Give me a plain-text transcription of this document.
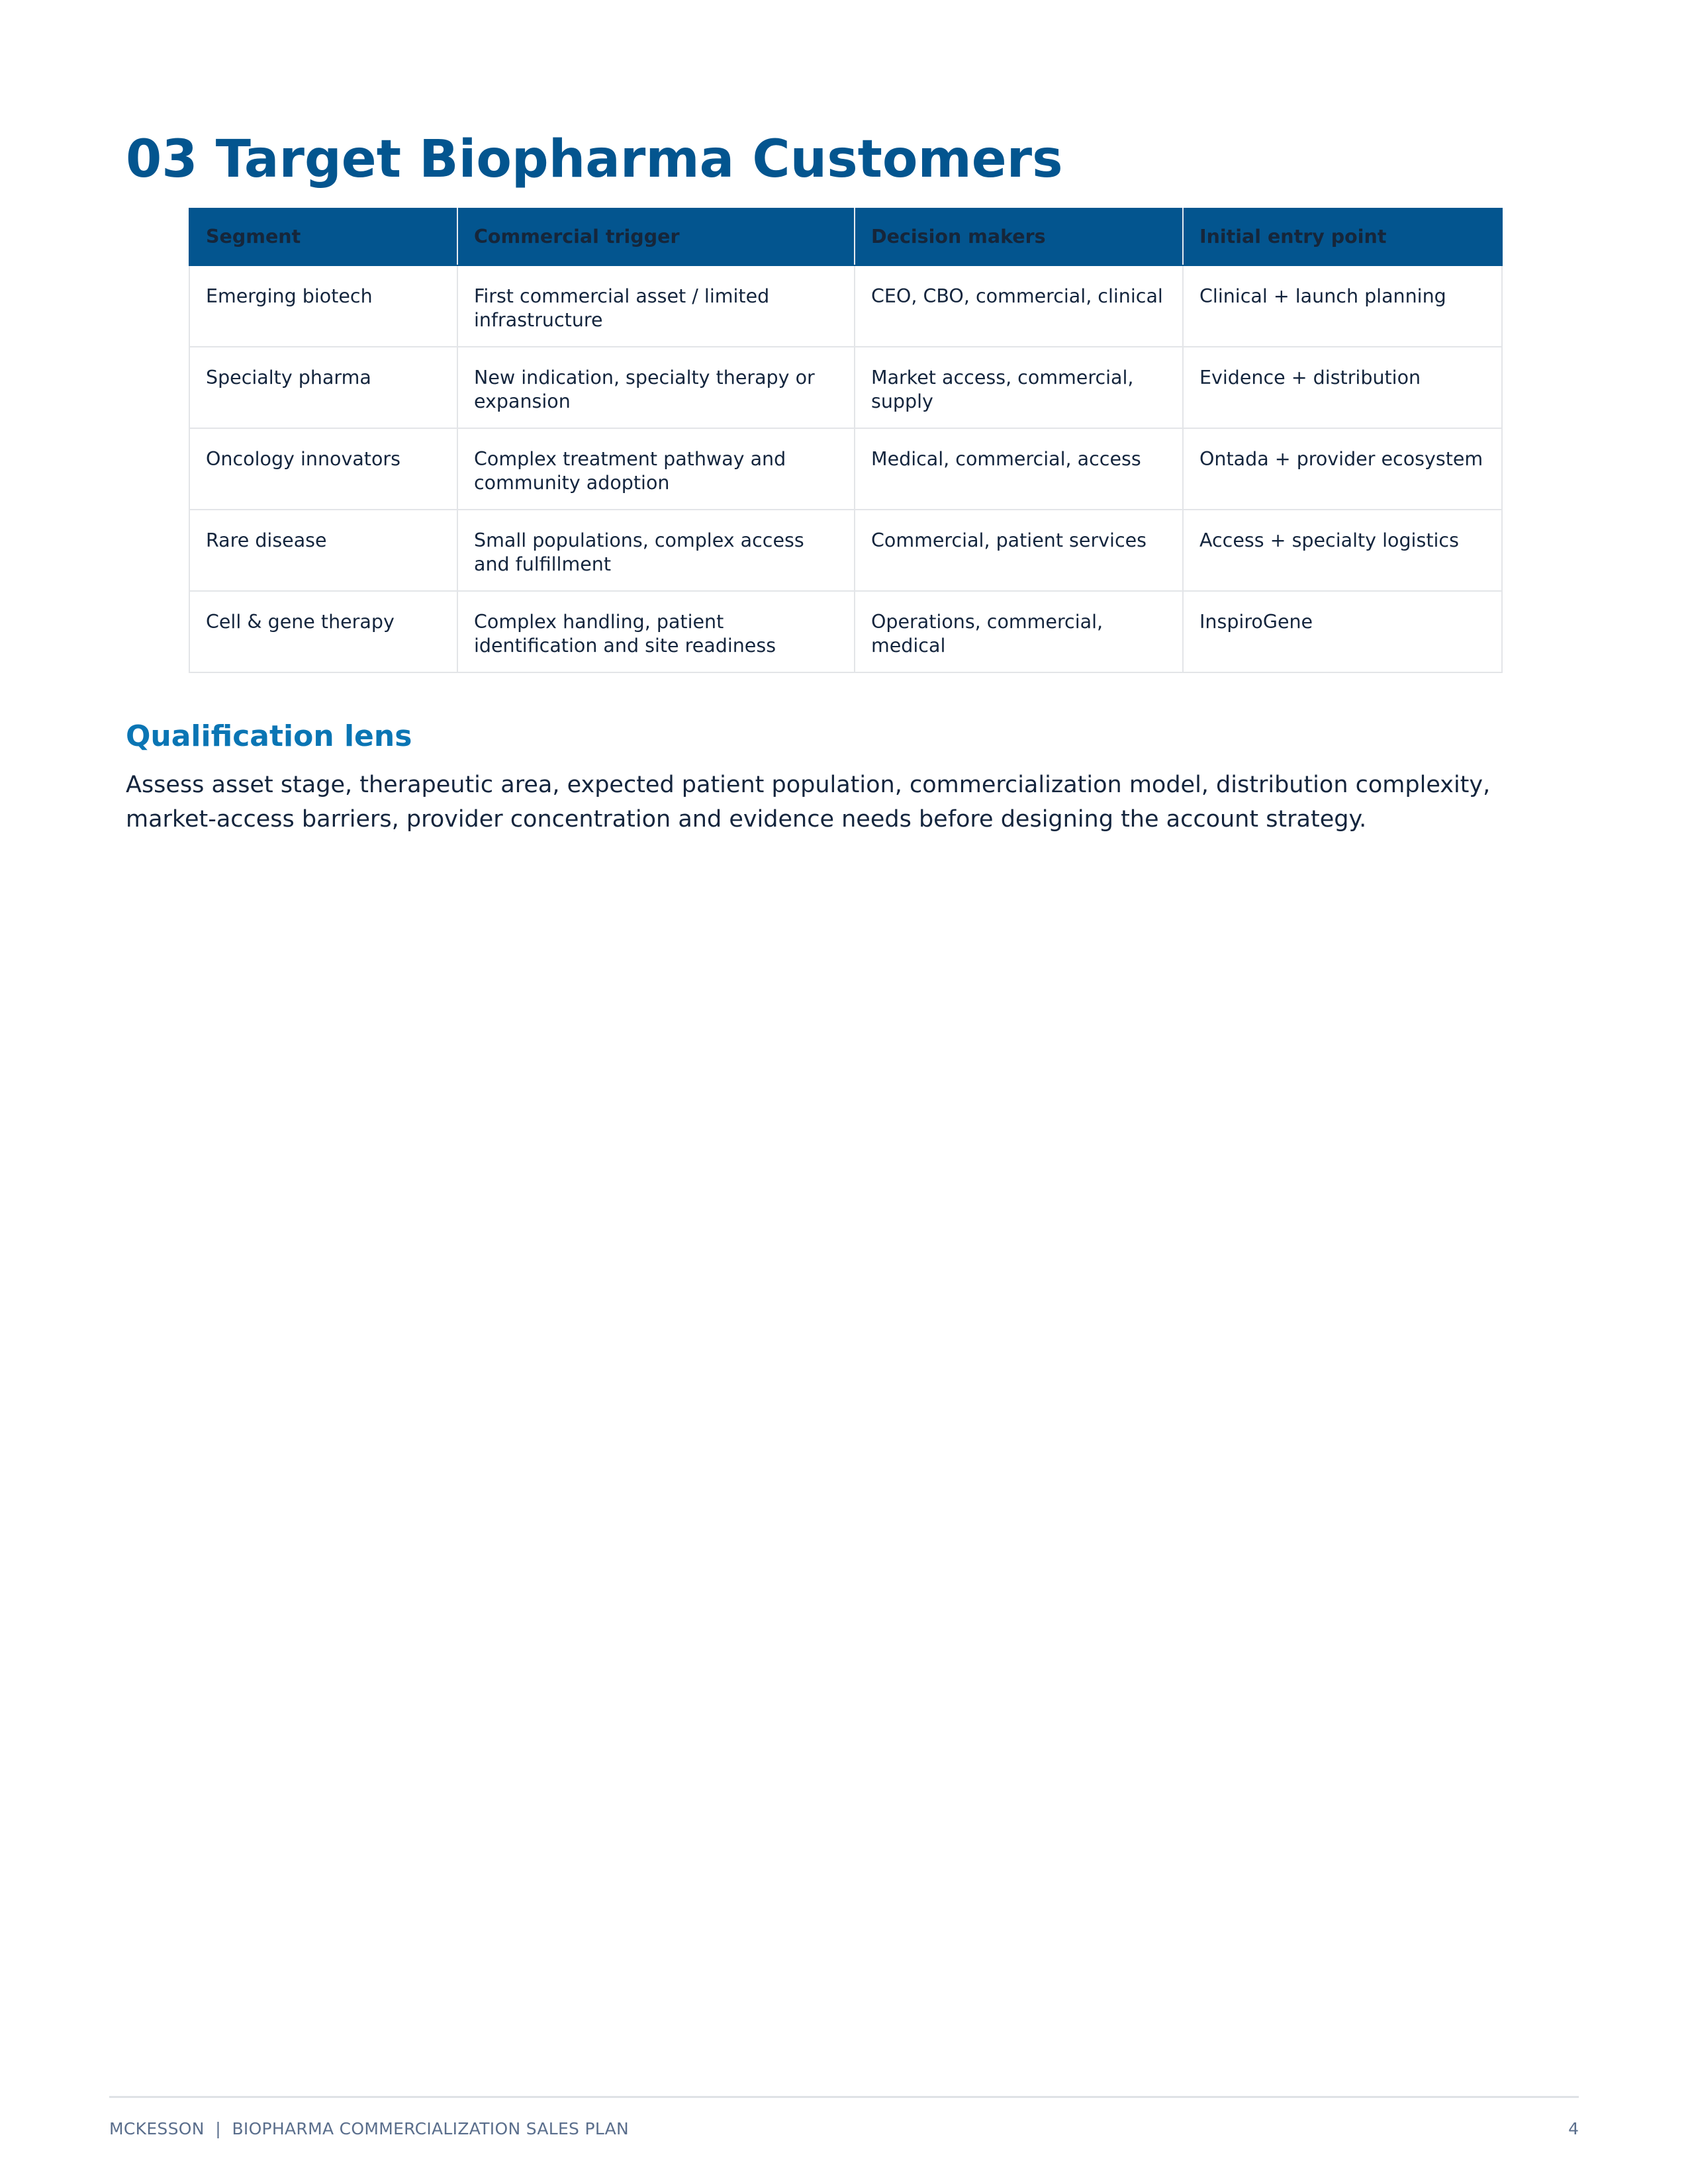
03 Target Biopharma Customers
Segment	Commercial trigger	Decision makers	Initial entry point
Emerging biotech	First commercial asset / limited infrastructure	CEO, CBO, commercial, clinical	Clinical + launch planning
Specialty pharma	New indication, specialty therapy or expansion	Market access, commercial, supply	Evidence + distribution
Oncology innovators	Complex treatment pathway and community adoption	Medical, commercial, access	Ontada + provider ecosystem
Rare disease	Small populations, complex access and fulfillment	Commercial, patient services	Access + specialty logistics
Cell & gene therapy	Complex handling, patient identification and site readiness	Operations, commercial, medical	InspiroGene
Qualification lens

Assess asset stage, therapeutic area, expected patient population, commercialization model, distribution complexity, market-access barriers, provider concentration and evidence needs before designing the account strategy.

MCKESSON  |  BIOPHARMA COMMERCIALIZATION SALES PLAN	4
